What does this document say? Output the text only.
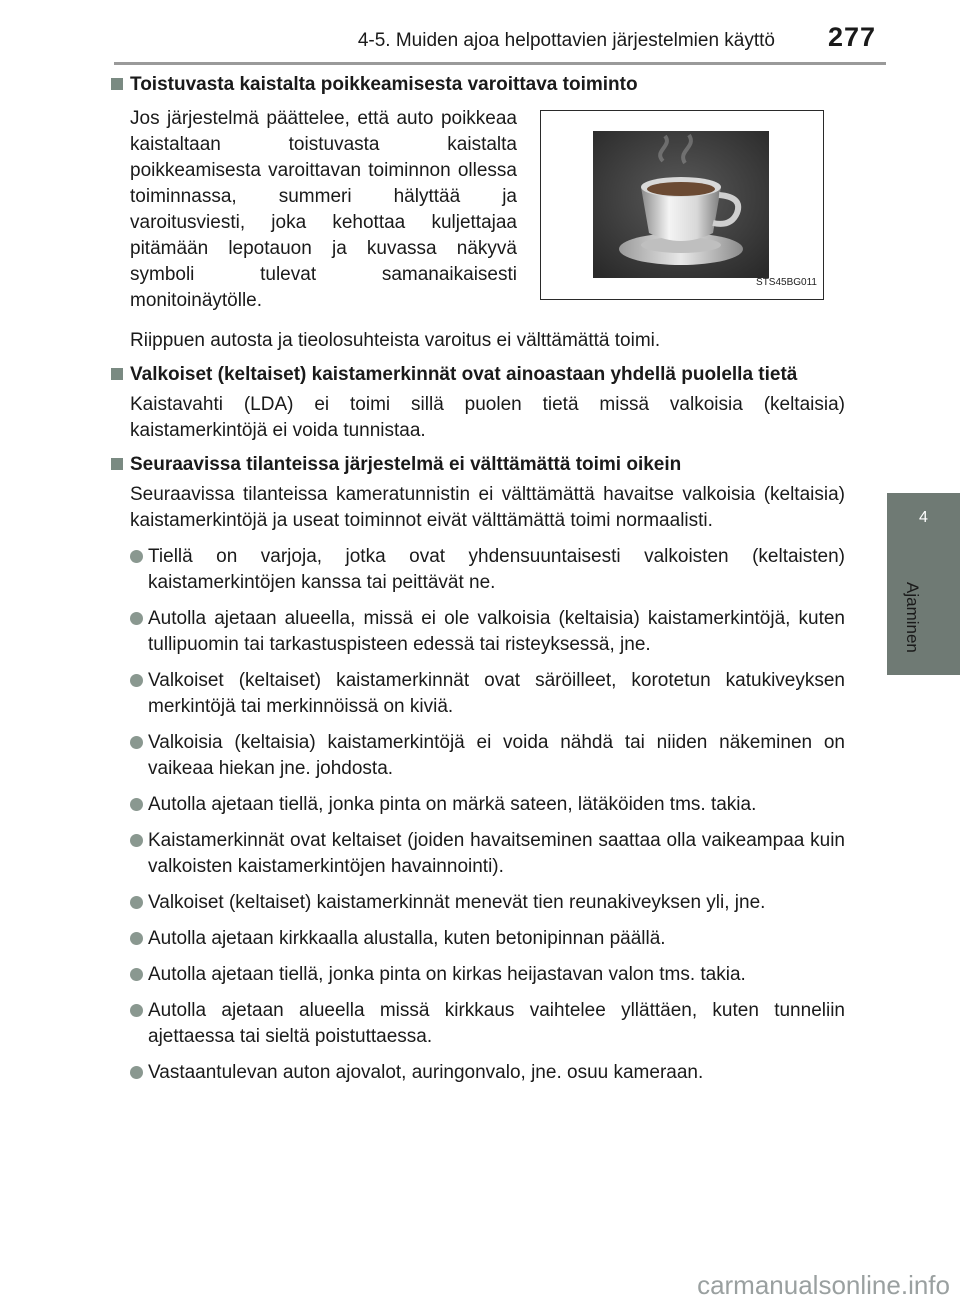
4-5. Muiden ajoa helpottavien järjestelmien käyttö 277
4
Ajaminen
Toistuvasta kaistalta poikkeamisesta varoittava toiminto
Jos järjestelmä päättelee, että auto poikkeaa kaistaltaan toistuvasta kaistalta poikkeamisesta varoittavan toiminnon ollessa toiminnassa, summeri hälyttää ja varoitusviesti, joka kehottaa kuljettajaa pitämään lepotauon ja kuvassa näkyvä symboli tulevat samanaikaisesti monitoinäytölle.
STS45BG011
Riippuen autosta ja tieolosuhteista varoitus ei välttämättä toimi.
Valkoiset (keltaiset) kaistamerkinnät ovat ainoastaan yhdellä puolella tietä
Kaistavahti (LDA) ei toimi sillä puolen tietä missä valkoisia (keltaisia) kaistamerkintöjä ei voida tunnistaa.
Seuraavissa tilanteissa järjestelmä ei välttämättä toimi oikein
Seuraavissa tilanteissa kameratunnistin ei välttämättä havaitse valkoisia (keltaisia) kaistamerkintöjä ja useat toiminnot eivät välttämättä toimi normaalisti.
Tiellä on varjoja, jotka ovat yhdensuuntaisesti valkoisten (keltaisten) kaistamerkintöjen kanssa tai peittävät ne.
Autolla ajetaan alueella, missä ei ole valkoisia (keltaisia) kaistamerkintöjä, kuten tullipuomin tai tarkastuspisteen edessä tai risteyksessä, jne.
Valkoiset (keltaiset) kaistamerkinnät ovat säröilleet, korotetun katukiveyksen merkintöjä tai merkinnöissä on kiviä.
Valkoisia (keltaisia) kaistamerkintöjä ei voida nähdä tai niiden näkeminen on vaikeaa hiekan jne. johdosta.
Autolla ajetaan tiellä, jonka pinta on märkä sateen, lätäköiden tms. takia.
Kaistamerkinnät ovat keltaiset (joiden havaitseminen saattaa olla vaikeampaa kuin valkoisten kaistamerkintöjen havainnointi).
Valkoiset (keltaiset) kaistamerkinnät menevät tien reunakiveyksen yli, jne.
Autolla ajetaan kirkkaalla alustalla, kuten betonipinnan päällä.
Autolla ajetaan tiellä, jonka pinta on kirkas heijastavan valon tms. takia.
Autolla ajetaan alueella missä kirkkaus vaihtelee yllättäen, kuten tunneliin ajettaessa tai sieltä poistuttaessa.
Vastaantulevan auton ajovalot, auringonvalo, jne. osuu kameraan.
carmanualsonline.info
